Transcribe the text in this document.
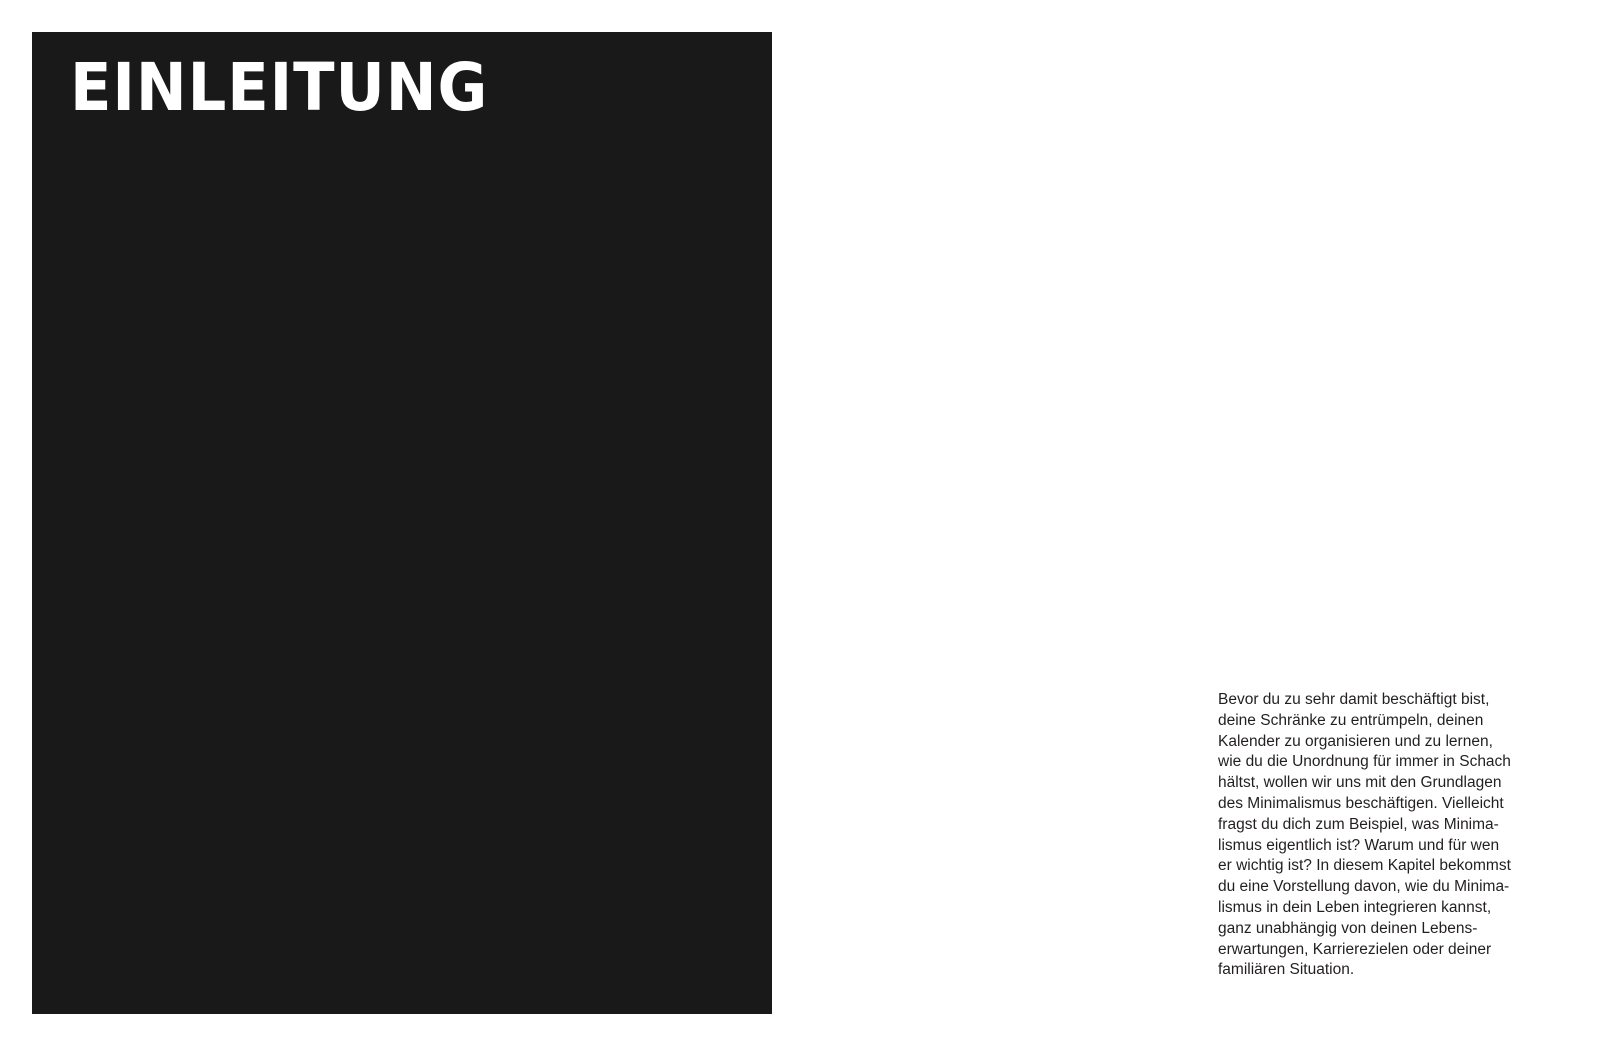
EINLEITUNG

Bevor du zu sehr damit beschäftigt bist,
deine Schränke zu entrümpeln, deinen
Kalender zu organisieren und zu lernen,
wie du die Unordnung für immer in Schach
hältst, wollen wir uns mit den Grundlagen
des Minimalismus beschäftigen. Vielleicht
fragst du dich zum Beispiel, was Minima-
lismus eigentlich ist? Warum und für wen
er wichtig ist? In diesem Kapitel bekommst
du eine Vorstellung davon, wie du Minima-
lismus in dein Leben integrieren kannst,
ganz unabhängig von deinen Lebens-
erwartungen, Karrierezielen oder deiner
familiären Situation.
